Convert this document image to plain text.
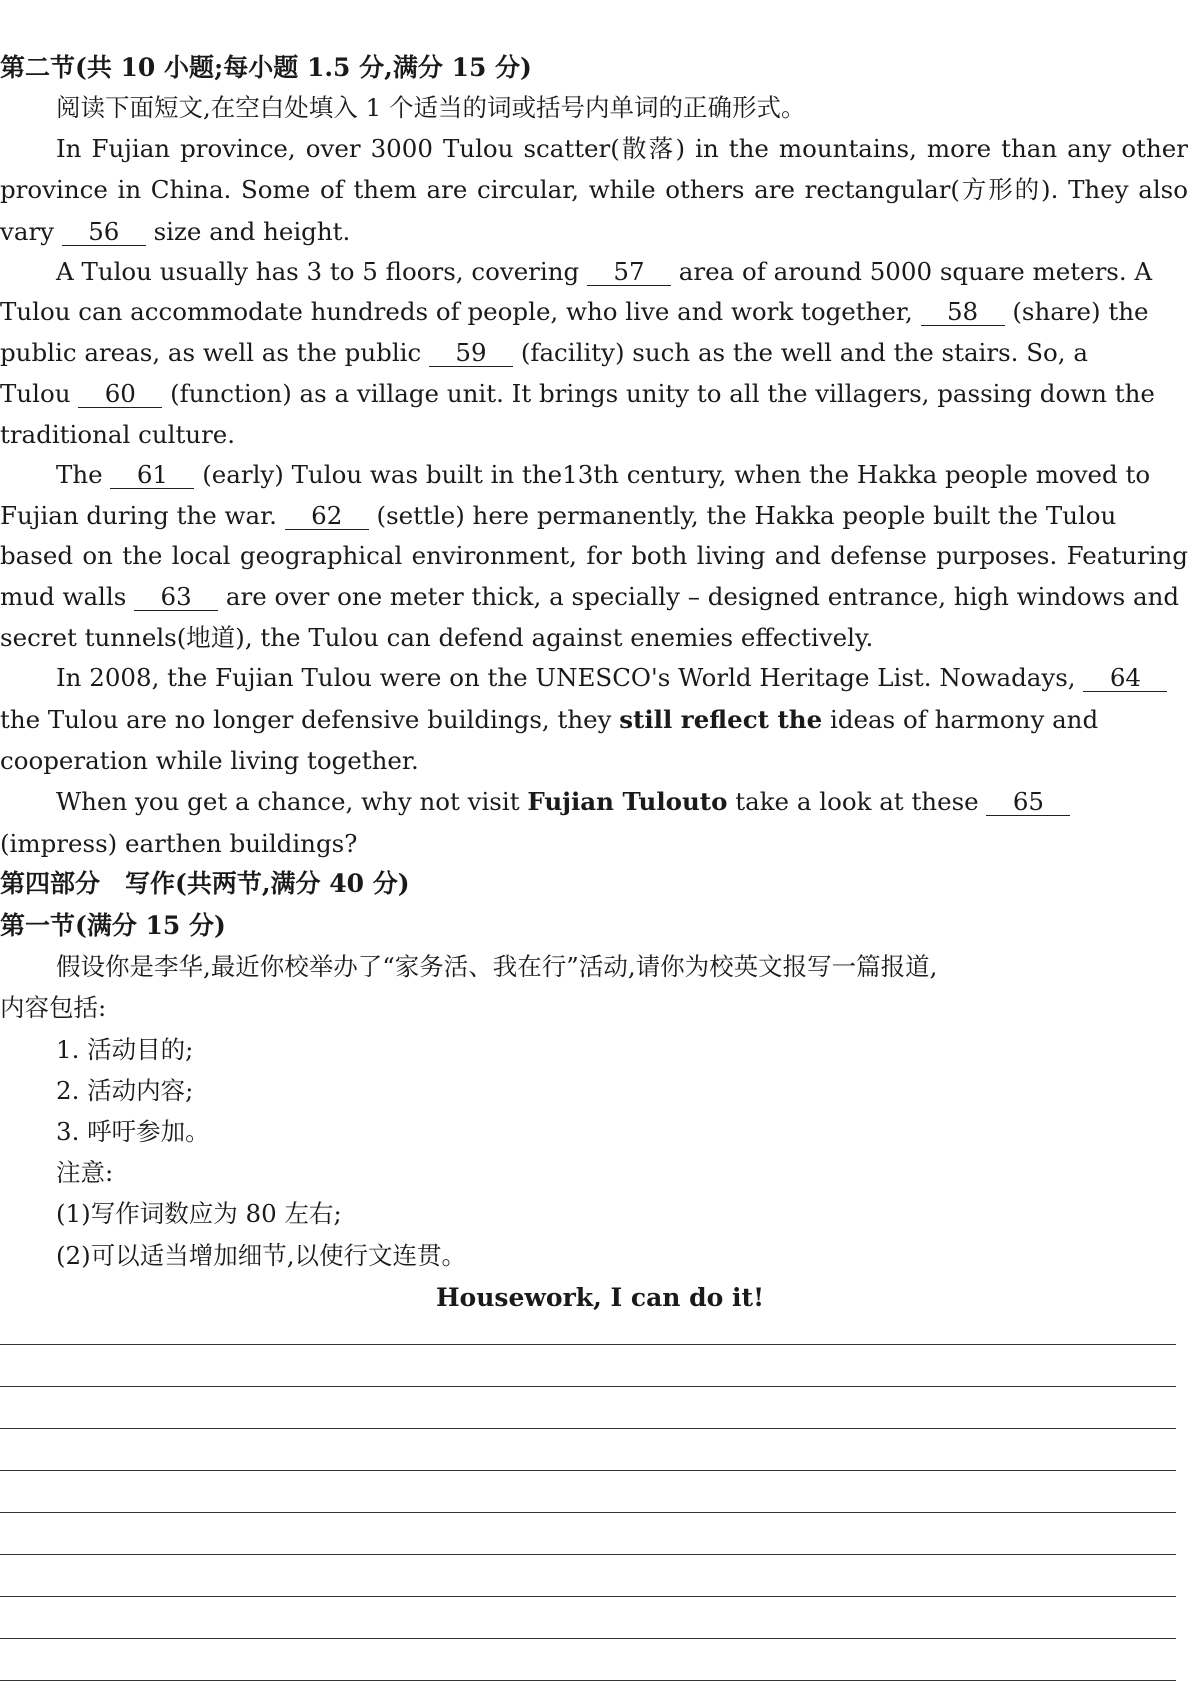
第二节(共 10 小题;每小题 1.5 分,满分 15 分)
阅读下面短文,在空白处填入 1 个适当的词或括号内单词的正确形式。
In Fujian province, over 3000 Tulou scatter(散落) in the mountains, more than any other
province in China. Some of them are circular, while others are rectangular(方形的). They also
vary 56 size and height.
A Tulou usually has 3 to 5 floors, covering 57 area of around 5000 square meters. A
Tulou can accommodate hundreds of people, who live and work together, 58 (share) the
public areas, as well as the public 59 (facility) such as the well and the stairs. So, a
Tulou 60 (function) as a village unit. It brings unity to all the villagers, passing down the
traditional culture.
The 61 (early) Tulou was built in the13th century, when the Hakka people moved to
Fujian during the war. 62 (settle) here permanently, the Hakka people built the Tulou
based on the local geographical environment, for both living and defense purposes. Featuring
mud walls 63 are over one meter thick, a specially – designed entrance, high windows and
secret tunnels(地道), the Tulou can defend against enemies effectively.
In 2008, the Fujian Tulou were on the UNESCO's World Heritage List. Nowadays, 64
the Tulou are no longer defensive buildings, they still reflect the ideas of harmony and
cooperation while living together.
When you get a chance, why not visit Fujian Tulouto take a look at these 65
(impress) earthen buildings?
第四部分　写作(共两节,满分 40 分)
第一节(满分 15 分)
假设你是李华,最近你校举办了“家务活、我在行”活动,请你为校英文报写一篇报道,
内容包括:
1. 活动目的;
2. 活动内容;
3. 呼吁参加。
注意:
(1)写作词数应为 80 左右;
(2)可以适当增加细节,以使行文连贯。
Housework, I can do it!
